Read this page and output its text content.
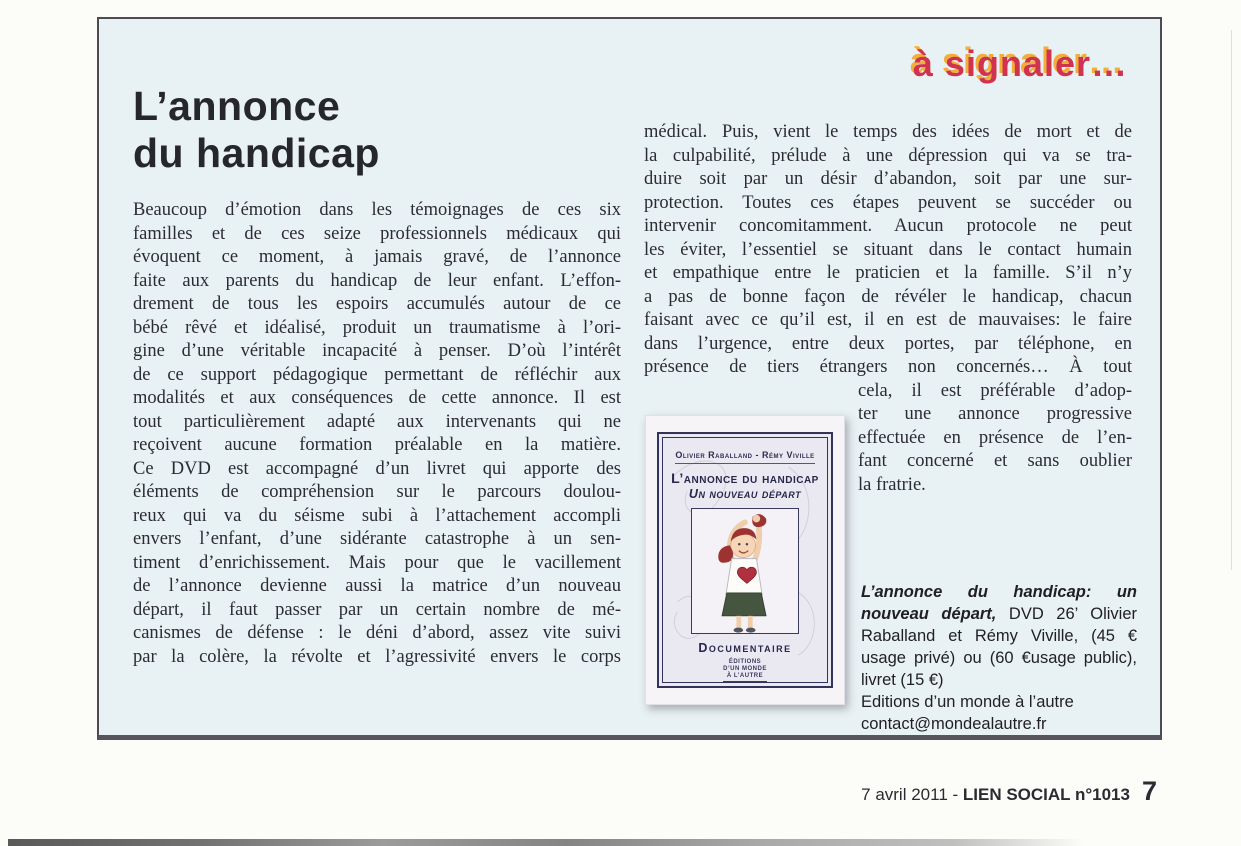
à signaler…
L’annonce
du handicap
Beaucoup d’émotion dans les témoignages de ces six
familles et de ces seize professionnels médicaux qui
évoquent ce moment, à jamais gravé, de l’annonce
faite aux parents du handicap de leur enfant. L’effon-
drement de tous les espoirs accumulés autour de ce
bébé rêvé et idéalisé, produit un traumatisme à l’ori-
gine d’une véritable incapacité à penser. D’où l’intérêt
de ce support pédagogique permettant de réfléchir aux
modalités et aux conséquences de cette annonce. Il est
tout particulièrement adapté aux intervenants qui ne
reçoivent aucune formation préalable en la matière.
Ce DVD est accompagné d’un livret qui apporte des
éléments de compréhension sur le parcours doulou-
reux qui va du séisme subi à l’attachement accompli
envers l’enfant, d’une sidérante catastrophe à un sen-
timent d’enrichissement. Mais pour que le vacillement
de l’annonce devienne aussi la matrice d’un nouveau
départ, il faut passer par un certain nombre de mé-
canismes de défense : le déni d’abord, assez vite suivi
par la colère, la révolte et l’agressivité envers le corps
médical. Puis, vient le temps des idées de mort et de
la culpabilité, prélude à une dépression qui va se tra-
duire soit par un désir d’abandon, soit par une sur-
protection. Toutes ces étapes peuvent se succéder ou
intervenir concomitamment. Aucun protocole ne peut
les éviter, l’essentiel se situant dans le contact humain
et empathique entre le praticien et la famille. S’il n’y
a pas de bonne façon de révéler le handicap, chacun
faisant avec ce qu’il est, il en est de mauvaises: le faire
dans l’urgence, entre deux portes, par téléphone, en
présence de tiers étrangers non concernés… À tout
cela, il est préférable d’adop-
ter une annonce progressive
effectuée en présence de l’en-
fant concerné et sans oublier
la fratrie.
Olivier Raballand - Rémy Viville
L’annonce du handicap
Un nouveau départ
Documentaire
ÉDITIONS
D’UN MONDE
À L’AUTRE
L’annonce du handicap: un nouveau départ, DVD 26’ Olivier Raballand et Rémy Viville, (45 € usage privé) ou (60 €usage public), livret (15 €)
Editions d’un monde à l’autre
contact@mondealautre.fr
7 avril 2011 - LIEN SOCIAL n°1013 7
